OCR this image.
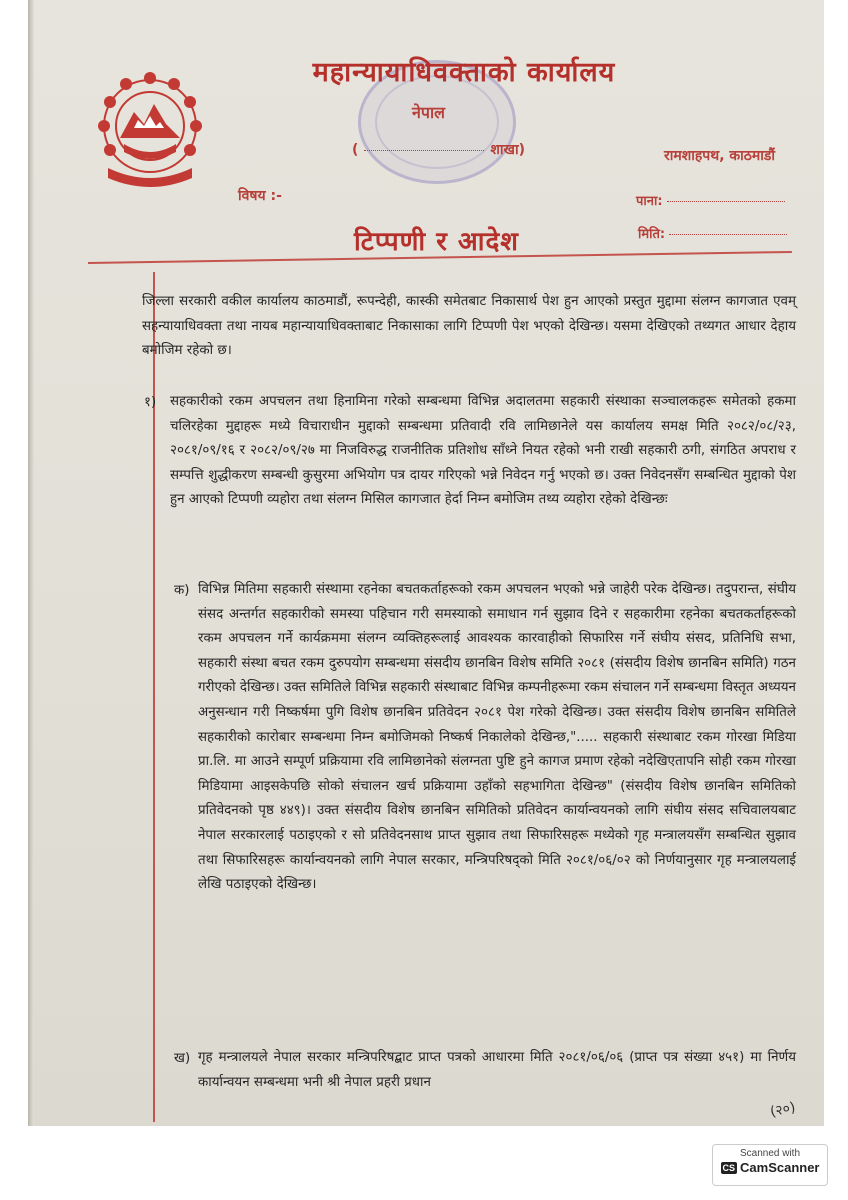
महान्यायाधिवक्ताको कार्यालय
नेपाल
(	शाखा)	रामशाहपथ, काठमाडौं
विषय :-	पाना:
मिति:
टिप्पणी र आदेश
जिल्ला सरकारी वकील कार्यालय काठमाडौं, रूपन्देही, कास्की समेतबाट निकासार्थ पेश हुन आएको प्रस्तुत मुद्दामा संलग्न कागजात एवम् सहन्यायाधिवक्ता तथा नायब महान्यायाधिवक्ताबाट निकासाका लागि टिप्पणी पेश भएको देखिन्छ। यसमा देखिएको तथ्यगत आधार देहाय बमोजिम रहेको छ।
१) सहकारीको रकम अपचलन तथा हिनामिना गरेको सम्बन्धमा विभिन्न अदालतमा सहकारी संस्थाका सञ्चालकहरू समेतको हकमा चलिरहेका मुद्दाहरू मध्ये विचाराधीन मुद्दाको सम्बन्धमा प्रतिवादी रवि लामिछानेले यस कार्यालय समक्ष मिति २०८२/०८/२३, २०८१/०९/१६ र २०८२/०९/२७ मा निजविरुद्ध राजनीतिक प्रतिशोध साँध्ने नियत रहेको भनी राखी सहकारी ठगी, संगठित अपराध र सम्पत्ति शुद्धीकरण सम्बन्धी कुसुरमा अभियोग पत्र दायर गरिएको भन्ने निवेदन गर्नु भएको छ। उक्त निवेदनसँग सम्बन्धित मुद्दाको पेश हुन आएको टिप्पणी व्यहोरा तथा संलग्न मिसिल कागजात हेर्दा निम्न बमोजिम तथ्य व्यहोरा रहेको देखिन्छः
क) विभिन्न मितिमा सहकारी संस्थामा रहनेका बचतकर्ताहरूको रकम अपचलन भएको भन्ने जाहेरी परेक देखिन्छ। तदुपरान्त, संघीय संसद अन्तर्गत सहकारीको समस्या पहिचान गरी समस्याको समाधान गर्न सुझाव दिने र सहकारीमा रहनेका बचतकर्ताहरूको रकम अपचलन गर्ने कार्यक्रममा संलग्न व्यक्तिहरूलाई आवश्यक कारवाहीको सिफारिस गर्ने संघीय संसद, प्रतिनिधि सभा, सहकारी संस्था बचत रकम दुरुपयोग सम्बन्धमा संसदीय छानबिन विशेष समिति २०८१ (संसदीय विशेष छानबिन समिति) गठन गरीएको देखिन्छ। उक्त समितिले विभिन्न सहकारी संस्थाबाट विभिन्न कम्पनीहरूमा रकम संचालन गर्ने सम्बन्धमा विस्तृत अध्ययन अनुसन्धान गरी निष्कर्षमा पुगि विशेष छानबिन प्रतिवेदन २०८१ पेश गरेको देखिन्छ। उक्त संसदीय विशेष छानबिन समितिले सहकारीको कारोबार सम्बन्धमा निम्न बमोजिमको निष्कर्ष निकालेको देखिन्छ,"..... सहकारी संस्थाबाट रकम गोरखा मिडिया प्रा.लि. मा आउने सम्पूर्ण प्रक्रियामा रवि लामिछानेको संलग्नता पुष्टि हुने कागज प्रमाण रहेको नदेखिएतापनि सोही रकम गोरखा मिडियामा आइसकेपछि सोको संचालन खर्च प्रक्रियामा उहाँको सहभागिता देखिन्छ" (संसदीय विशेष छानबिन समितिको प्रतिवेदनको पृष्ठ ४४९)। उक्त संसदीय विशेष छानबिन समितिको प्रतिवेदन कार्यान्वयनको लागि संघीय संसद सचिवालयबाट नेपाल सरकारलाई पठाइएको र सो प्रतिवेदनसाथ प्राप्त सुझाव तथा सिफारिसहरू मध्येको गृह मन्त्रालयसँग सम्बन्धित सुझाव तथा सिफारिसहरू कार्यान्वयनको लागि नेपाल सरकार, मन्त्रिपरिषद्को मिति २०८१/०६/०२ को निर्णयानुसार गृह मन्त्रालयलाई लेखि पठाइएको देखिन्छ।
ख) गृह मन्त्रालयले नेपाल सरकार मन्त्रिपरिषद्बाट प्राप्त पत्रको आधारमा मिति २०८१/०६/०६ (प्राप्त पत्र संख्या ४५१) मा निर्णय कार्यान्वयन सम्बन्धमा भनी श्री नेपाल प्रहरी प्रधान
(२०)
Scanned with
CS CamScanner
